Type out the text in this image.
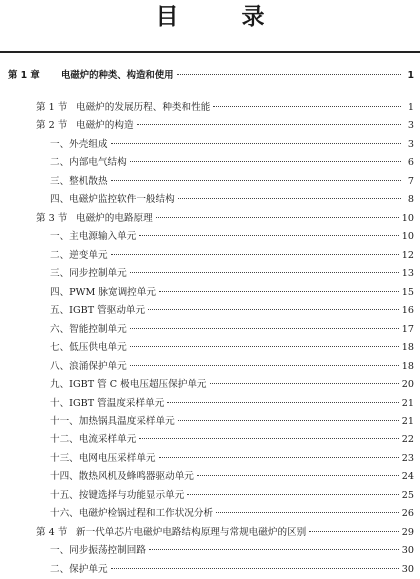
目　录
第 1 章	电磁炉的种类、构造和使用	1
第 1 节 电磁炉的发展历程、种类和性能	1
第 2 节 电磁炉的构造	3
一、外壳组成	3
二、内部电气结构	6
三、整机散热	7
四、电磁炉监控软件一般结构	8
第 3 节 电磁炉的电路原理	10
一、主电源输入单元	10
二、逆变单元	12
三、同步控制单元	13
四、PWM 脉宽调控单元	15
五、IGBT 管驱动单元	16
六、智能控制单元	17
七、低压供电单元	18
八、浪涌保护单元	18
九、IGBT 管 C 极电压超压保护单元	20
十、IGBT 管温度采样单元	21
十一、加热锅具温度采样单元	21
十二、电流采样单元	22
十三、电网电压采样单元	23
十四、散热风机及蜂鸣器驱动单元	24
十五、按键选择与功能显示单元	25
十六、电磁炉检锅过程和工作状况分析	26
第 4 节 新一代单芯片电磁炉电路结构原理与常规电磁炉的区别	29
一、同步振荡控制回路	30
二、保护单元	30
